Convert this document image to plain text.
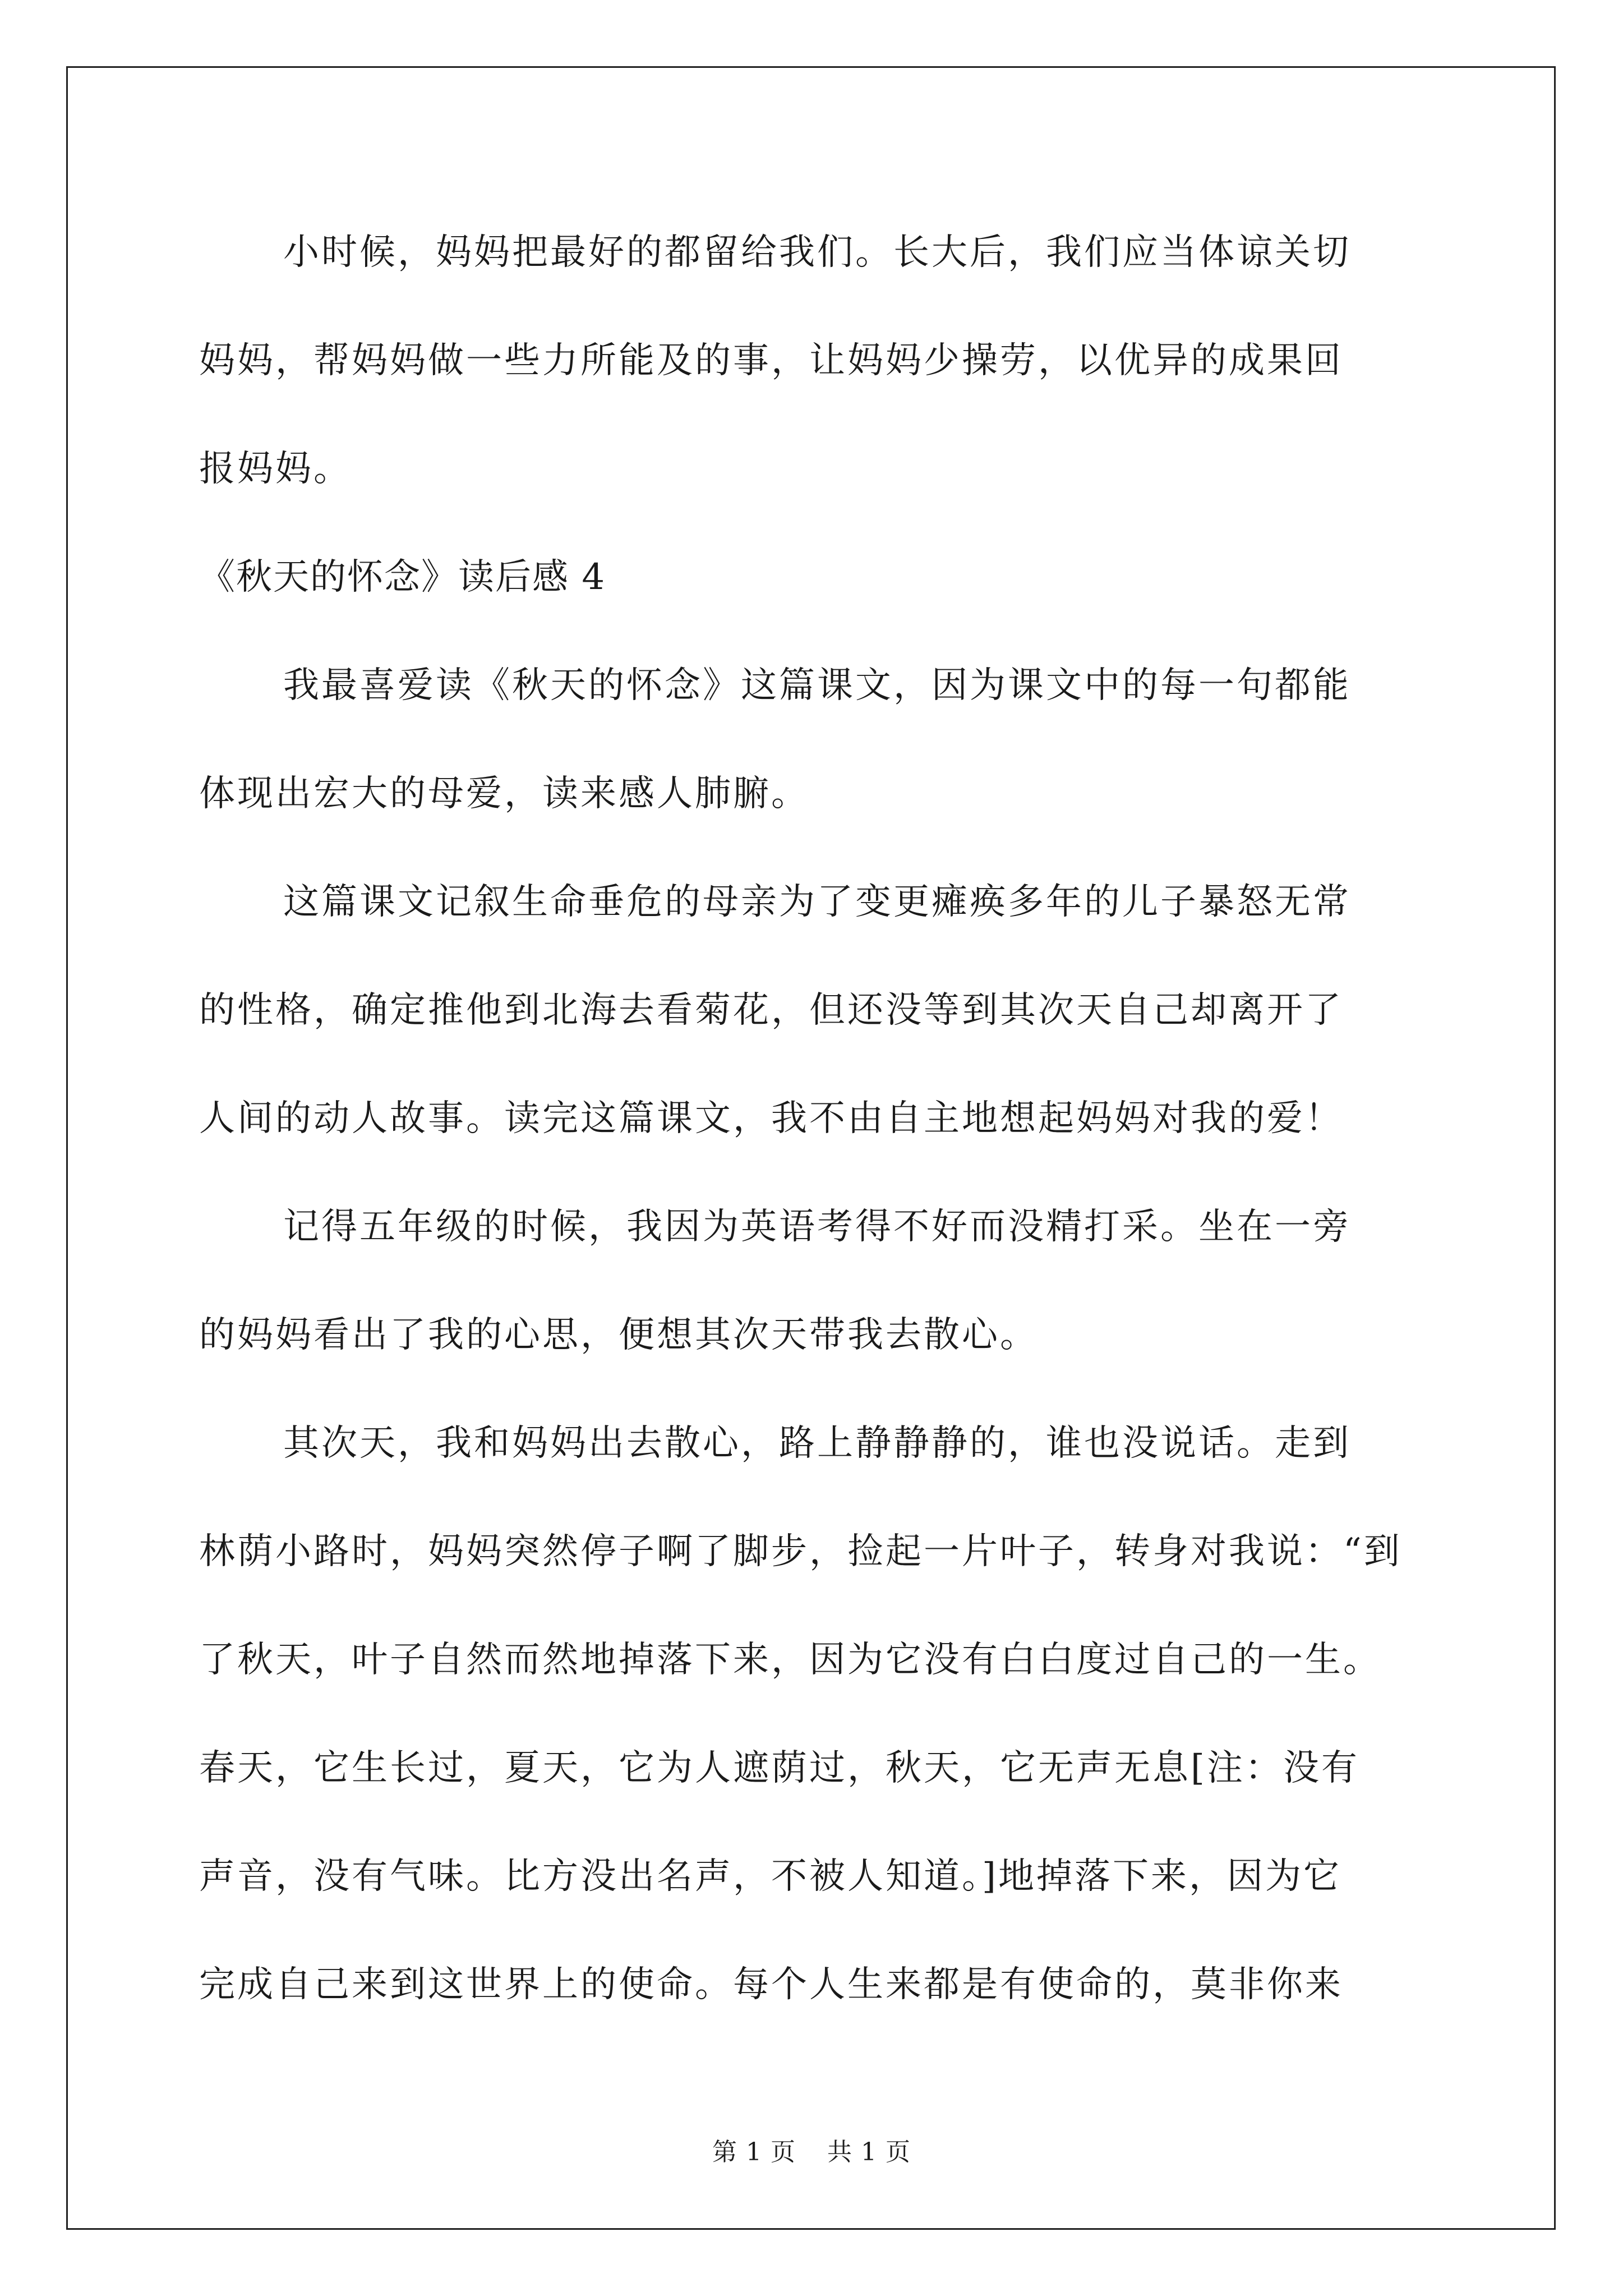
小时候，妈妈把最好的都留给我们。长大后，我们应当体谅关切
妈妈，帮妈妈做一些力所能及的事，让妈妈少操劳，以优异的成果回
报妈妈。
《秋天的怀念》读后感 4
我最喜爱读《秋天的怀念》这篇课文，因为课文中的每一句都能
体现出宏大的母爱，读来感人肺腑。
这篇课文记叙生命垂危的母亲为了变更瘫痪多年的儿子暴怒无常
的性格，确定推他到北海去看菊花，但还没等到其次天自己却离开了
人间的动人故事。读完这篇课文，我不由自主地想起妈妈对我的爱！
记得五年级的时候，我因为英语考得不好而没精打采。坐在一旁
的妈妈看出了我的心思，便想其次天带我去散心。
其次天，我和妈妈出去散心，路上静静静的，谁也没说话。走到
林荫小路时，妈妈突然停子啊了脚步，捡起一片叶子，转身对我说：“到
了秋天，叶子自然而然地掉落下来，因为它没有白白度过自己的一生。
春天，它生长过，夏天，它为人遮荫过，秋天，它无声无息[注：没有
声音，没有气味。比方没出名声，不被人知道。]地掉落下来，因为它
完成自己来到这世界上的使命。每个人生来都是有使命的，莫非你来
第 1 页 共 1 页
